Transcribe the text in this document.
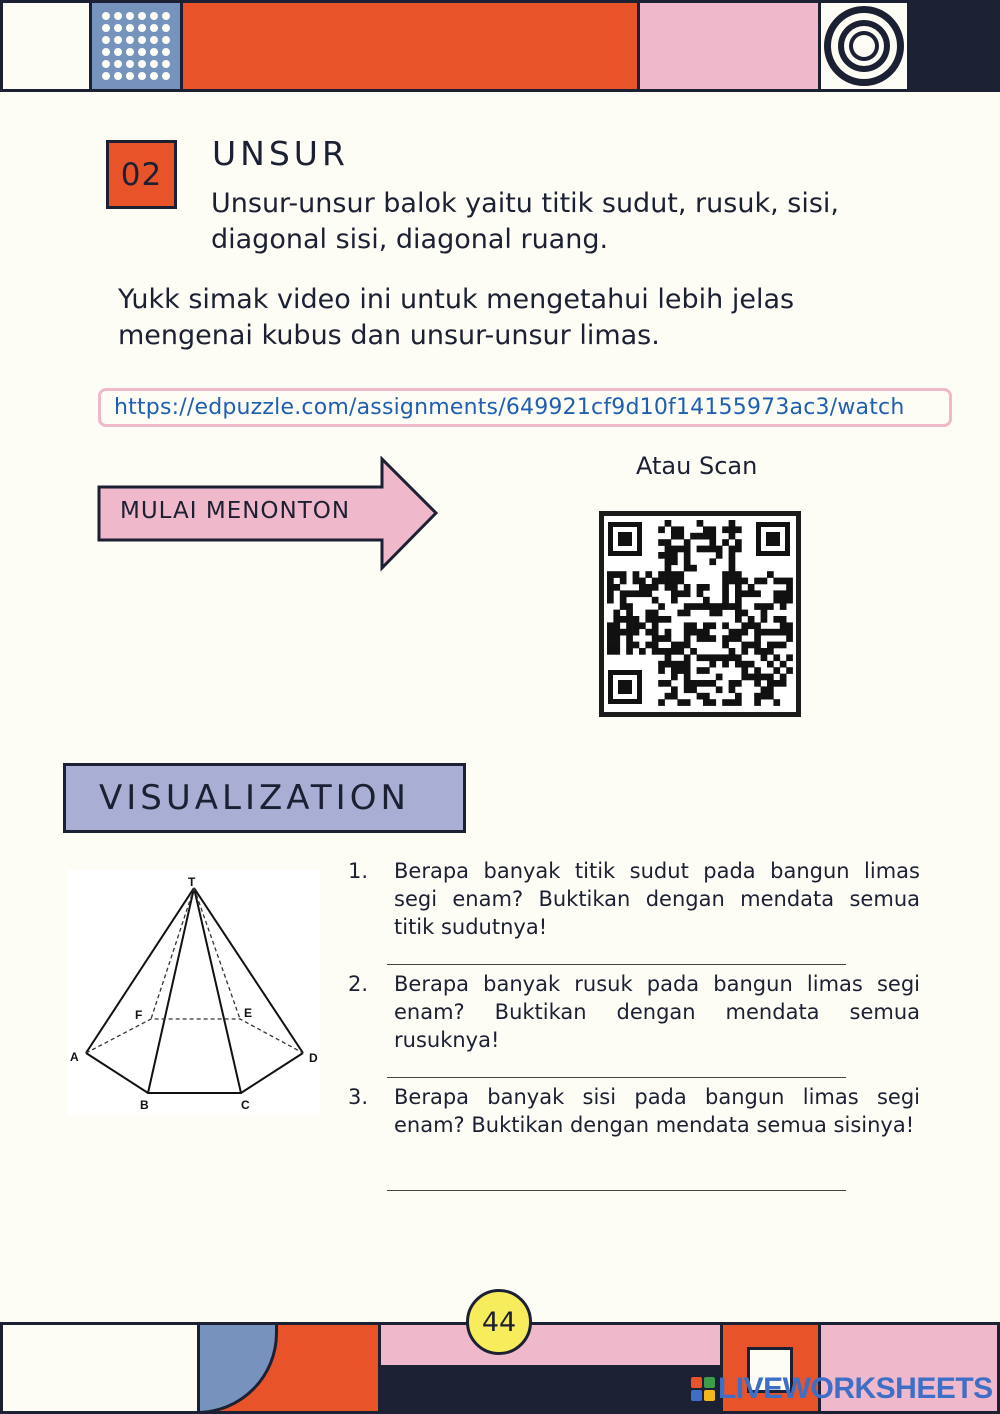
02
UNSUR
Unsur-unsur balok yaitu titik sudut, rusuk, sisi, diagonal sisi, diagonal ruang.
Yukk simak video ini untuk mengetahui lebih jelas mengenai kubus dan unsur-unsur limas.
https://edpuzzle.com/assignments/649921cf9d10f14155973ac3/watch
MULAI MENONTON
Atau Scan
VISUALIZATION
T
A
B	C
D
E
F
1. Berapa banyak titik sudut pada bangun limas segi enam? Buktikan dengan mendata semua titik sudutnya!
2. Berapa banyak rusuk pada bangun limas segi enam? Buktikan dengan mendata semua rusuknya!
3. Berapa banyak sisi pada bangun limas segi enam? Buktikan dengan mendata semua sisinya!
44
LIVEWORKSHEETS
